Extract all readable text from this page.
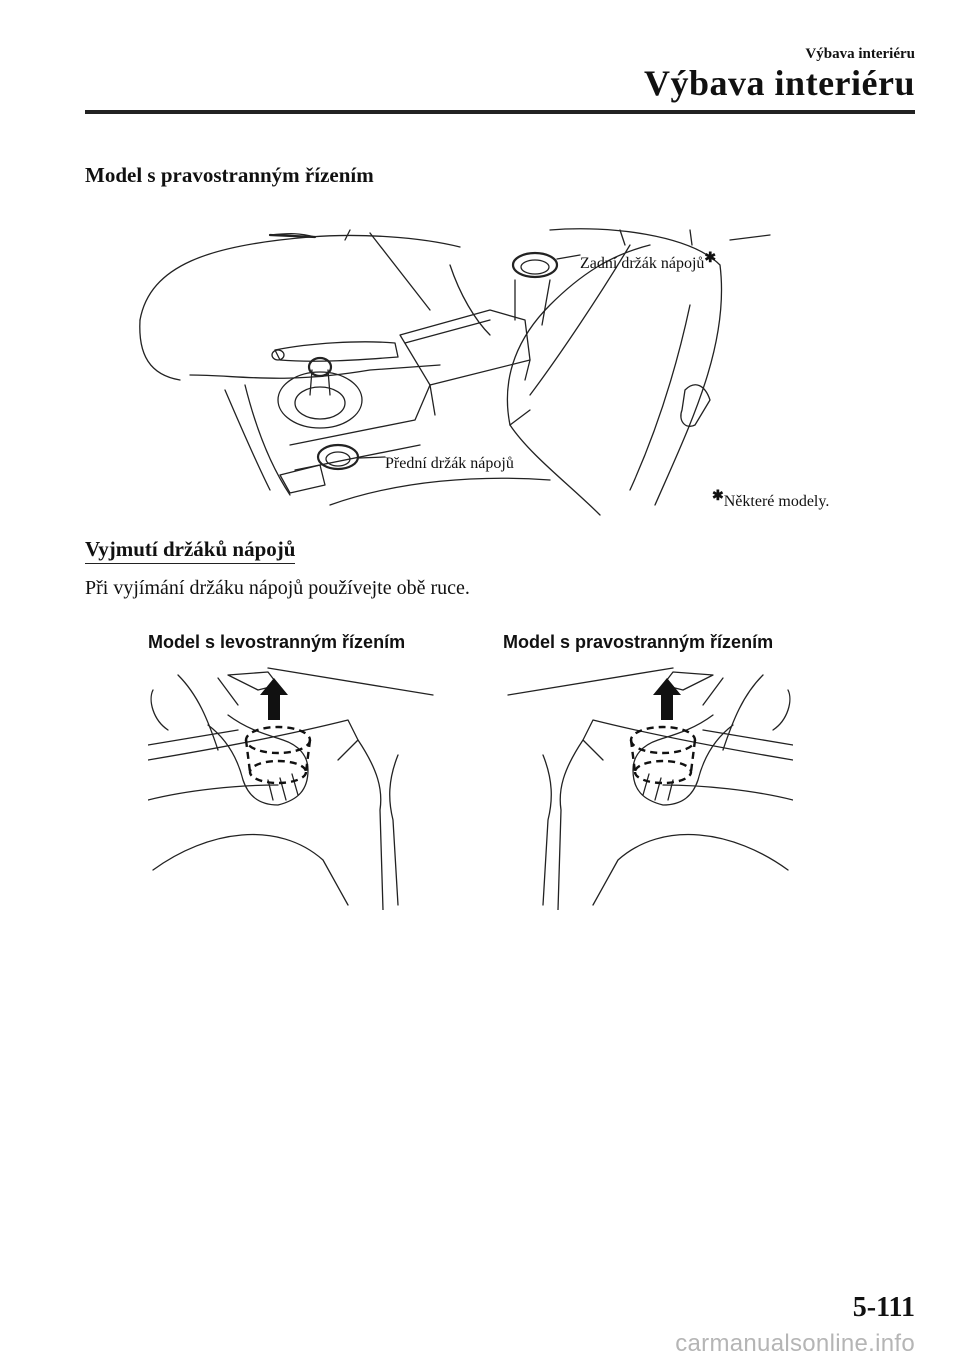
Výbava interiéru
Výbava interiéru
Model s pravostranným řízením
Zadní držák nápojů✱
Přední držák nápojů
✱Některé modely.
Vyjmutí držáků nápojů
Při vyjímání držáku nápojů používejte obě ruce.
Model s levostranným řízením	Model s pravostranným řízením
5-111
carmanualsonline.info
